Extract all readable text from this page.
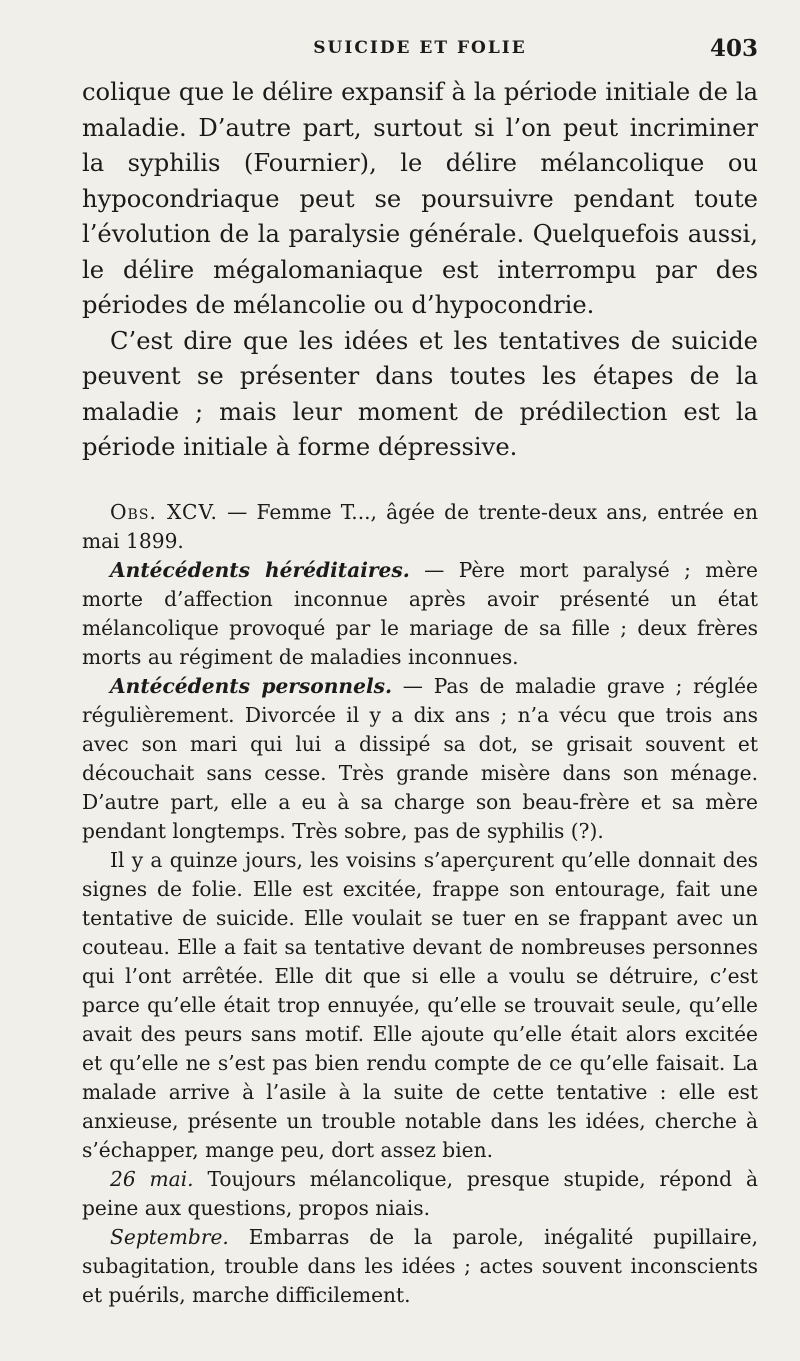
SUICIDE ET FOLIE	403

colique que le délire expansif à la période initiale de la maladie. D’autre part, surtout si l’on peut incriminer la syphilis (Fournier), le délire mélancolique ou hypocondriaque peut se poursuivre pendant toute l’évolution de la paralysie générale. Quelquefois aussi, le délire mégalomaniaque est interrompu par des périodes de mélancolie ou d’hypocondrie.

C’est dire que les idées et les tentatives de suicide peuvent se présenter dans toutes les étapes de la maladie ; mais leur moment de prédilection est la période initiale à forme dépressive.

Obs. XCV. — Femme T..., âgée de trente-deux ans, entrée en mai 1899.

Antécédents héréditaires. — Père mort paralysé ; mère morte d’affection inconnue après avoir présenté un état mélancolique provoqué par le mariage de sa fille ; deux frères morts au régiment de maladies inconnues.

Antécédents personnels. — Pas de maladie grave ; réglée régulièrement. Divorcée il y a dix ans ; n’a vécu que trois ans avec son mari qui lui a dissipé sa dot, se grisait souvent et découchait sans cesse. Très grande misère dans son ménage. D’autre part, elle a eu à sa charge son beau-frère et sa mère pendant longtemps. Très sobre, pas de syphilis (?).

Il y a quinze jours, les voisins s’aperçurent qu’elle donnait des signes de folie. Elle est excitée, frappe son entourage, fait une tentative de suicide. Elle voulait se tuer en se frappant avec un couteau. Elle a fait sa tentative devant de nombreuses personnes qui l’ont arrêtée. Elle dit que si elle a voulu se détruire, c’est parce qu’elle était trop ennuyée, qu’elle se trouvait seule, qu’elle avait des peurs sans motif. Elle ajoute qu’elle était alors excitée et qu’elle ne s’est pas bien rendu compte de ce qu’elle faisait. La malade arrive à l’asile à la suite de cette tentative : elle est anxieuse, présente un trouble notable dans les idées, cherche à s’échapper, mange peu, dort assez bien.

26 mai. Toujours mélancolique, presque stupide, répond à peine aux questions, propos niais.

Septembre. Embarras de la parole, inégalité pupillaire, subagitation, trouble dans les idées ; actes souvent inconscients et puérils, marche difficilement.
